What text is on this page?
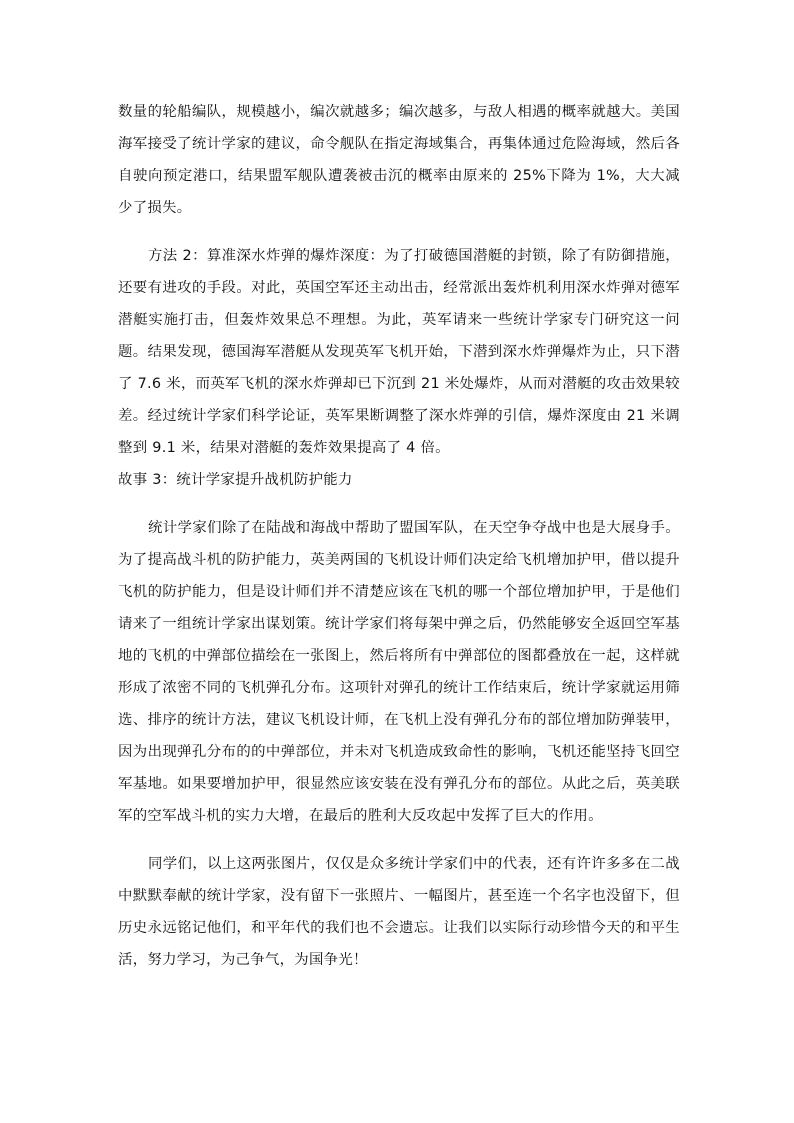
数量的轮船编队，规模越小，编次就越多；编次越多，与敌人相遇的概率就越大。美国海军接受了统计学家的建议，命令舰队在指定海域集合，再集体通过危险海域，然后各自驶向预定港口，结果盟军舰队遭袭被击沉的概率由原来的 25%下降为 1%，大大减少了损失。

方法 2：算准深水炸弹的爆炸深度：为了打破德国潜艇的封锁，除了有防御措施，还要有进攻的手段。对此，英国空军还主动出击，经常派出轰炸机利用深水炸弹对德军潜艇实施打击，但轰炸效果总不理想。为此，英军请来一些统计学家专门研究这一问题。结果发现，德国海军潜艇从发现英军飞机开始，下潜到深水炸弹爆炸为止，只下潜了 7.6 米，而英军飞机的深水炸弹却已下沉到 21 米处爆炸，从而对潜艇的攻击效果较差。经过统计学家们科学论证，英军果断调整了深水炸弹的引信，爆炸深度由 21 米调整到 9.1 米，结果对潜艇的轰炸效果提高了 4 倍。

故事 3：统计学家提升战机防护能力

统计学家们除了在陆战和海战中帮助了盟国军队，在天空争夺战中也是大展身手。为了提高战斗机的防护能力，英美两国的飞机设计师们决定给飞机增加护甲，借以提升飞机的防护能力，但是设计师们并不清楚应该在飞机的哪一个部位增加护甲，于是他们请来了一组统计学家出谋划策。统计学家们将每架中弹之后，仍然能够安全返回空军基地的飞机的中弹部位描绘在一张图上，然后将所有中弹部位的图都叠放在一起，这样就形成了浓密不同的飞机弹孔分布。这项针对弹孔的统计工作结束后，统计学家就运用筛选、排序的统计方法，建议飞机设计师，在飞机上没有弹孔分布的部位增加防弹装甲，因为出现弹孔分布的的中弹部位，并未对飞机造成致命性的影响，飞机还能坚持飞回空军基地。如果要增加护甲，很显然应该安装在没有弹孔分布的部位。从此之后，英美联军的空军战斗机的实力大增，在最后的胜利大反攻起中发挥了巨大的作用。

同学们，以上这两张图片，仅仅是众多统计学家们中的代表，还有许许多多在二战中默默奉献的统计学家，没有留下一张照片、一幅图片，甚至连一个名字也没留下，但历史永远铭记他们，和平年代的我们也不会遗忘。让我们以实际行动珍惜今天的和平生活，努力学习，为己争气，为国争光！
